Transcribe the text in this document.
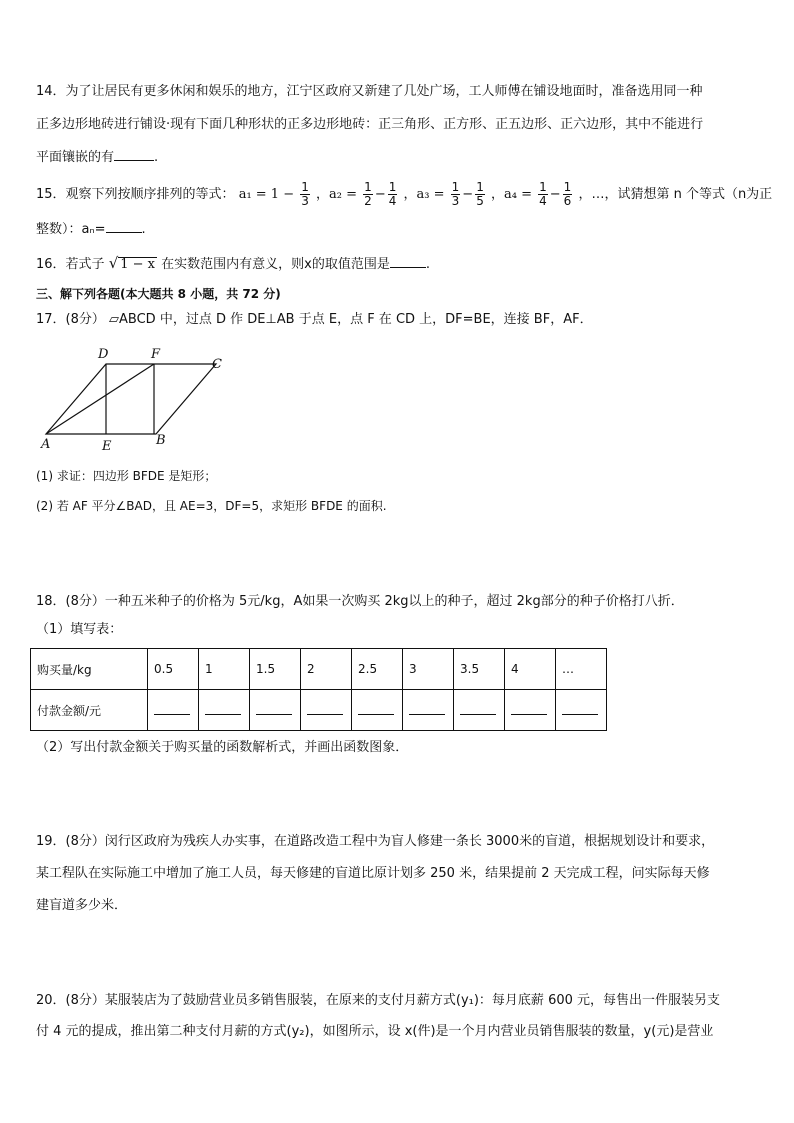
14．为了让居民有更多休闲和娱乐的地方，江宁区政府又新建了几处广场，工人师傅在铺设地面时，准备选用同一种
正多边形地砖进行铺设·现有下面几种形状的正多边形地砖：正三角形、正方形、正五边形、正六边形，其中不能进行
平面镶嵌的有	.
15．观察下列按顺序排列的等式： $a_1 = 1 - \frac{1}{3}$ ，$a_2 = \frac{1}{2} - \frac{1}{4}$ ，$a_3 = \frac{1}{3} - \frac{1}{5}$ ，$a_4 = \frac{1}{4} - \frac{1}{6}$ ，…，试猜想第 n 个等式（n为正
整数）：aₙ=	.
16．若式子 √ 1 − x 在实数范围内有意义，则x的取值范围是	.
三、解下列各题(本大题共 8 小题，共 72 分)
17．(8分） ▱ABCD 中，过点 D 作 DE⊥AB 于点 E，点 F 在 CD 上，DF=BE，连接 BF，AF．
D	F
C
A	E	B
(1) 求证：四边形 BFDE 是矩形；
(2) 若 AF 平分∠BAD，且 AE=3，DF=5，求矩形 BFDE 的面积.
18．(8分）一种五米种子的价格为 5元/kg，A如果一次购买 2kg以上的种子，超过 2kg部分的种子价格打八折．
（1）填写表：
购买量/kg	0.5	1	1.5	2	2.5	3	3.5	4	…
付款金额/元									
（2）写出付款金额关于购买量的函数解析式，并画出函数图象．
19．(8分）闵行区政府为残疾人办实事，在道路改造工程中为盲人修建一条长 3000米的盲道，根据规划设计和要求，
某工程队在实际施工中增加了施工人员，每天修建的盲道比原计划多 250 米，结果提前 2 天完成工程，问实际每天修
建盲道多少米．
20．(8分）某服装店为了鼓励营业员多销售服装，在原来的支付月薪方式(y₁)：每月底薪 600 元，每售出一件服装另支
付 4 元的提成，推出第二种支付月薪的方式(y₂)，如图所示，设 x(件)是一个月内营业员销售服装的数量，y(元)是营业
